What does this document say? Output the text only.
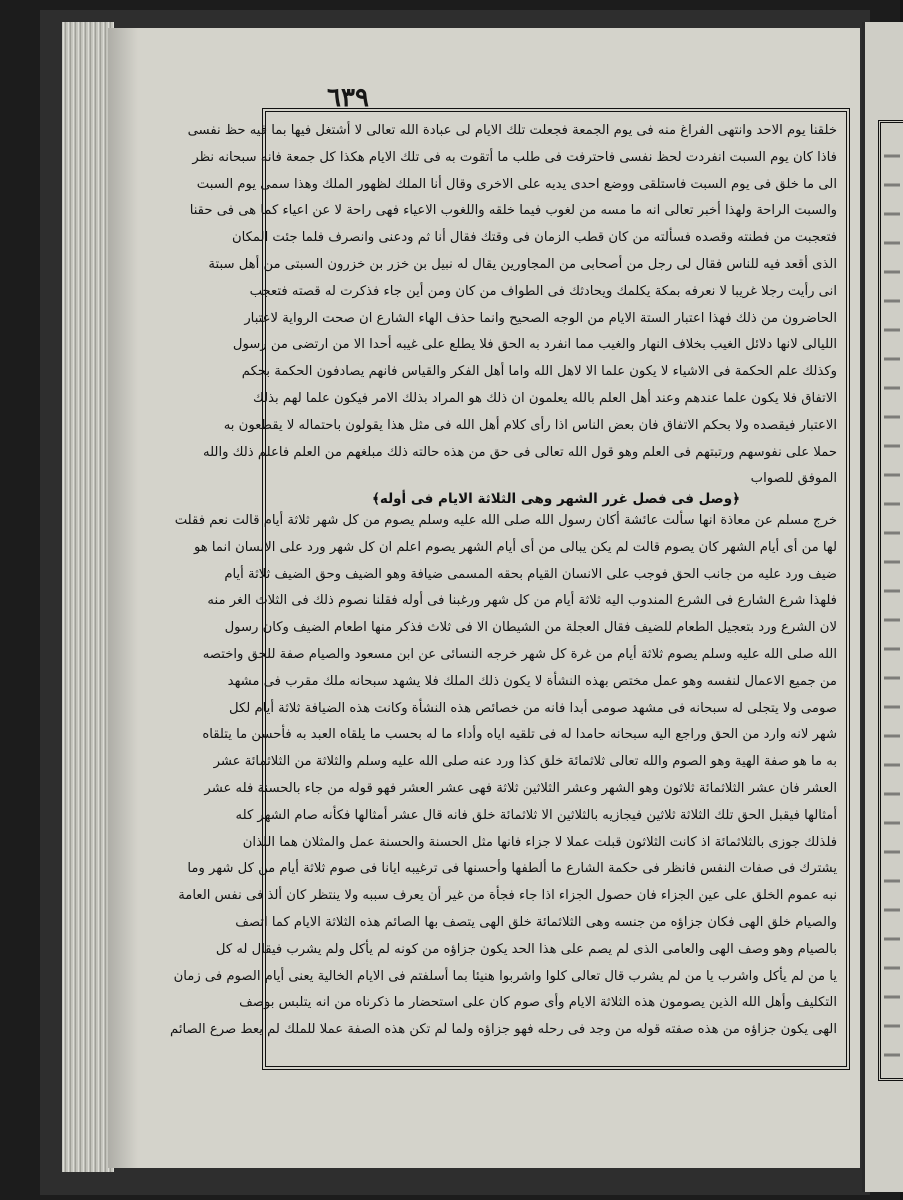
٦٣٩
خلقنا يوم الاحد وانتهى الفراغ منه فى يوم الجمعة فجعلت تلك الايام لى عبادة الله تعالى لا أشتغل فيها بما فيه حظ نفسى
فاذا كان يوم السبت انفردت لحظ نفسى فاحترفت فى طلب ما أتقوت به فى تلك الايام هكذا كل جمعة فانه سبحانه نظر
الى ما خلق فى يوم السبت فاستلقى ووضع احدى يديه على الاخرى وقال أنا الملك لظهور الملك وهذا سمى يوم السبت
والسبت الراحة ولهذا أخبر تعالى انه ما مسه من لغوب فيما خلقه واللغوب الاعياء فهى راحة لا عن اعياء كما هى فى حقنا
فتعجبت من فطنته وقصده فسألته من كان قطب الزمان فى وقتك فقال أنا ثم ودعنى وانصرف فلما جئت المكان
الذى أقعد فيه للناس فقال لى رجل من أصحابى من المجاورين يقال له نبيل بن خزر بن خزرون السبتى من أهل سبتة
انى رأيت رجلا غريبا لا نعرفه بمكة يكلمك ويحادثك فى الطواف من كان ومن أين جاء فذكرت له قصته فتعجب
الحاضرون من ذلك فهذا اعتبار الستة الايام من الوجه الصحيح وانما حذف الهاء الشارع ان صحت الرواية لاعتبار
الليالى لانها دلائل الغيب بخلاف النهار والغيب مما انفرد به الحق فلا يطلع على غيبه أحدا الا من ارتضى من رسول
وكذلك علم الحكمة فى الاشياء لا يكون علما الا لاهل الله واما أهل الفكر والقياس فانهم يصادفون الحكمة بحكم
الاتفاق فلا يكون علما عندهم وعند أهل العلم بالله يعلمون ان ذلك هو المراد بذلك الامر فيكون علما لهم بذلك
الاعتبار فيقصده ولا بحكم الاتفاق فان بعض الناس اذا رأى كلام أهل الله فى مثل هذا يقولون باحتماله لا يقطعون به
حملا على نفوسهم ورتبتهم فى العلم وهو قول الله تعالى فى حق من هذه حالته ذلك مبلغهم من العلم فاعلم ذلك والله
الموفق للصواب
﴿وصل فى فصل غرر الشهر وهى الثلاثة الايام فى أوله﴾
خرج مسلم عن معاذة انها سألت عائشة أكان رسول الله صلى الله عليه وسلم يصوم من كل شهر ثلاثة أيام قالت نعم فقلت
لها من أى أيام الشهر كان يصوم قالت لم يكن يبالى من أى أيام الشهر يصوم اعلم ان كل شهر ورد على الانسان انما هو
ضيف ورد عليه من جانب الحق فوجب على الانسان القيام بحقه المسمى ضيافة وهو الضيف وحق الضيف ثلاثة أيام
فلهذا شرع الشارع فى الشرع المندوب اليه ثلاثة أيام من كل شهر ورغبنا فى أوله فقلنا نصوم ذلك فى الثلاث الغر منه
لان الشرع ورد بتعجيل الطعام للضيف فقال العجلة من الشيطان الا فى ثلاث فذكر منها اطعام الضيف وكان رسول
الله صلى الله عليه وسلم يصوم ثلاثة أيام من غرة كل شهر خرجه النسائى عن ابن مسعود والصيام صفة للحق واختصه
من جميع الاعمال لنفسه وهو عمل مختص بهذه النشأة لا يكون ذلك الملك فلا يشهد سبحانه ملك مقرب فى مشهد
صومى ولا يتجلى له سبحانه فى مشهد صومى أبدا فانه من خصائص هذه النشأة وكانت هذه الضيافة ثلاثة أيام لكل
شهر لانه وارد من الحق وراجع اليه سبحانه حامدا له فى تلقيه اياه وأداء ما له بحسب ما يلقاه العبد به فأحسن ما يتلقاه
به ما هو صفة الهية وهو الصوم والله تعالى ثلاثمائة خلق كذا ورد عنه صلى الله عليه وسلم والثلاثة من الثلاثمائة عشر
العشر فان عشر الثلاثمائة ثلاثون وهو الشهر وعشر الثلاثين ثلاثة فهى عشر العشر فهو قوله من جاء بالحسنة فله عشر
أمثالها فيقبل الحق تلك الثلاثة ثلاثين فيجازيه بالثلاثين الا ثلاثمائة خلق فانه قال عشر أمثالها فكأنه صام الشهر كله
فلذلك جوزى بالثلاثمائة اذ كانت الثلاثون قبلت عملا لا جزاء فانها مثل الحسنة والحسنة عمل والمثلان هما اللذان
يشترك فى صفات النفس فانظر فى حكمة الشارع ما ألطفها وأحسنها فى ترغيبه ايانا فى صوم ثلاثة أيام من كل شهر وما
نبه عموم الخلق على عين الجزاء فان حصول الجزاء اذا جاء فجأة من غير أن يعرف سببه ولا ينتظر كان ألذ فى نفس العامة
والصيام خلق الهى فكان جزاؤه من جنسه وهى الثلاثمائة خلق الهى يتصف بها الصائم هذه الثلاثة الايام كما اتصف
بالصيام وهو وصف الهى والعامى الذى لم يصم على هذا الحد يكون جزاؤه من كونه لم يأكل ولم يشرب فيقال له كل
يا من لم يأكل واشرب يا من لم يشرب قال تعالى كلوا واشربوا هنيئا بما أسلفتم فى الايام الخالية يعنى أيام الصوم فى زمان
التكليف وأهل الله الذين يصومون هذه الثلاثة الايام وأى صوم كان على استحضار ما ذكرناه من انه يتلبس بوصف
الهى يكون جزاؤه من هذه صفته قوله من وجد فى رحله فهو جزاؤه ولما لم تكن هذه الصفة عملا للملك لم يعط صرع الصائم
